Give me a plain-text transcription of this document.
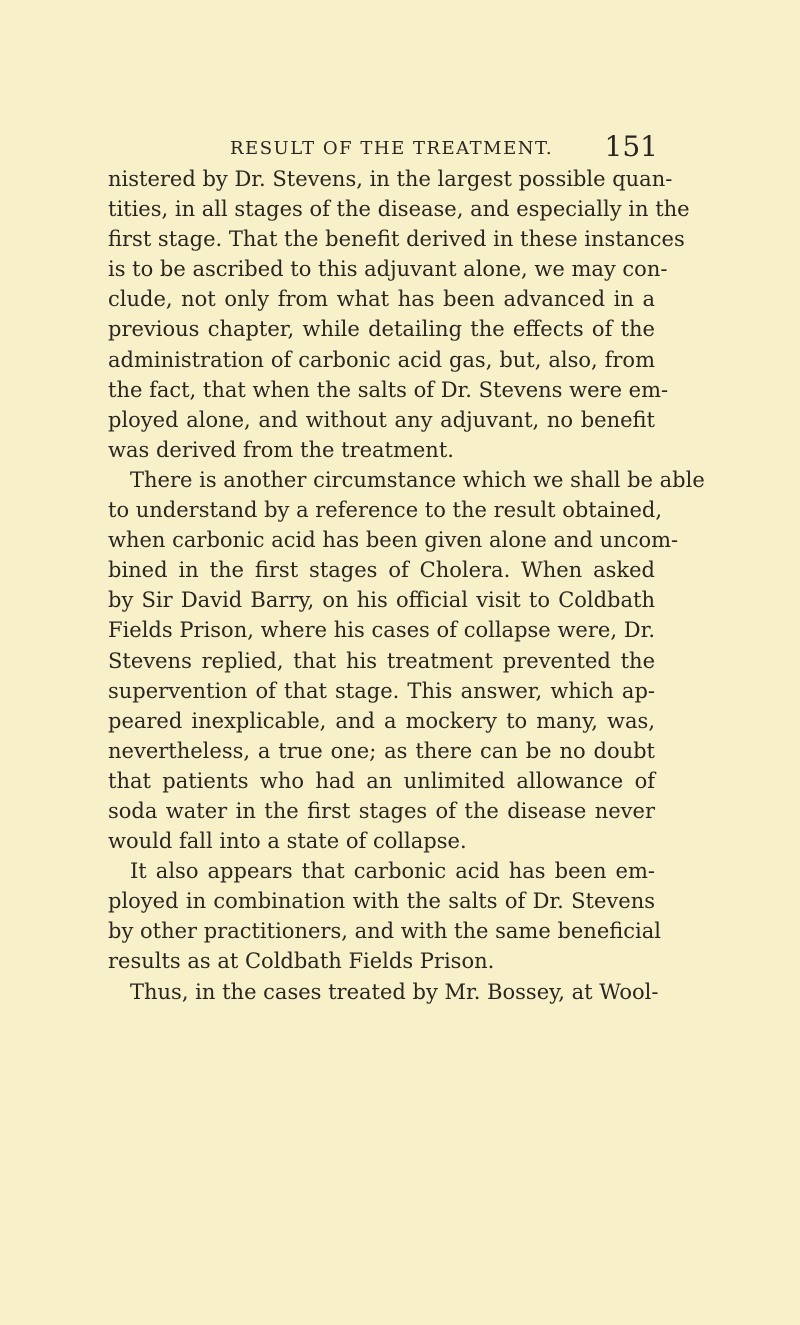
RESULT OF THE TREATMENT. 151
nistered by Dr. Stevens, in the largest possible quan-
tities, in all stages of the disease, and especially in the
first stage. That the benefit derived in these instances
is to be ascribed to this adjuvant alone, we may con-
clude, not only from what has been advanced in a
previous chapter, while detailing the effects of the
administration of carbonic acid gas, but, also, from
the fact, that when the salts of Dr. Stevens were em-
ployed alone, and without any adjuvant, no benefit
was derived from the treatment.
There is another circumstance which we shall be able
to understand by a reference to the result obtained,
when carbonic acid has been given alone and uncom-
bined in the first stages of Cholera. When asked
by Sir David Barry, on his official visit to Coldbath
Fields Prison, where his cases of collapse were, Dr.
Stevens replied, that his treatment prevented the
supervention of that stage. This answer, which ap-
peared inexplicable, and a mockery to many, was,
nevertheless, a true one; as there can be no doubt
that patients who had an unlimited allowance of
soda water in the first stages of the disease never
would fall into a state of collapse.
It also appears that carbonic acid has been em-
ployed in combination with the salts of Dr. Stevens
by other practitioners, and with the same beneficial
results as at Coldbath Fields Prison.
Thus, in the cases treated by Mr. Bossey, at Wool-
